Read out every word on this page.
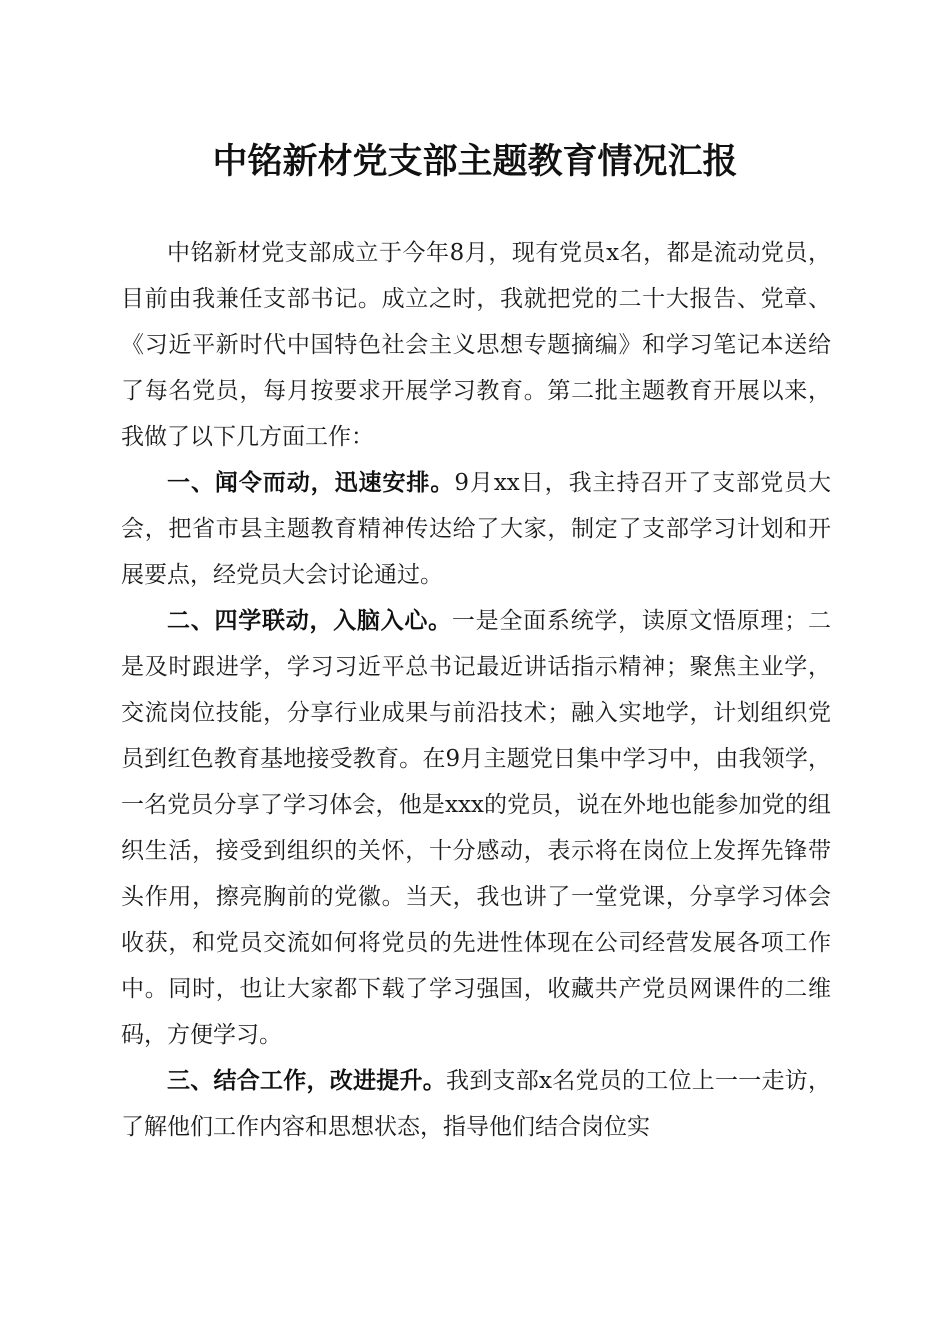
中铭新材党支部主题教育情况汇报

中铭新材党支部成立于今年8月，现有党员x名，都是流动党员，目前由我兼任支部书记。成立之时，我就把党的二十大报告、党章、《习近平新时代中国特色社会主义思想专题摘编》和学习笔记本送给了每名党员，每月按要求开展学习教育。第二批主题教育开展以来，我做了以下几方面工作：

一、闻令而动，迅速安排。9月xx日，我主持召开了支部党员大会，把省市县主题教育精神传达给了大家，制定了支部学习计划和开展要点，经党员大会讨论通过。

二、四学联动，入脑入心。一是全面系统学，读原文悟原理；二是及时跟进学，学习习近平总书记最近讲话指示精神；聚焦主业学，交流岗位技能，分享行业成果与前沿技术；融入实地学，计划组织党员到红色教育基地接受教育。在9月主题党日集中学习中，由我领学，一名党员分享了学习体会，他是xxx的党员，说在外地也能参加党的组织生活，接受到组织的关怀，十分感动，表示将在岗位上发挥先锋带头作用，擦亮胸前的党徽。当天，我也讲了一堂党课，分享学习体会收获，和党员交流如何将党员的先进性体现在公司经营发展各项工作中。同时，也让大家都下载了学习强国，收藏共产党员网课件的二维码，方便学习。

三、结合工作，改进提升。我到支部x名党员的工位上一一走访，了解他们工作内容和思想状态，指导他们结合岗位实
